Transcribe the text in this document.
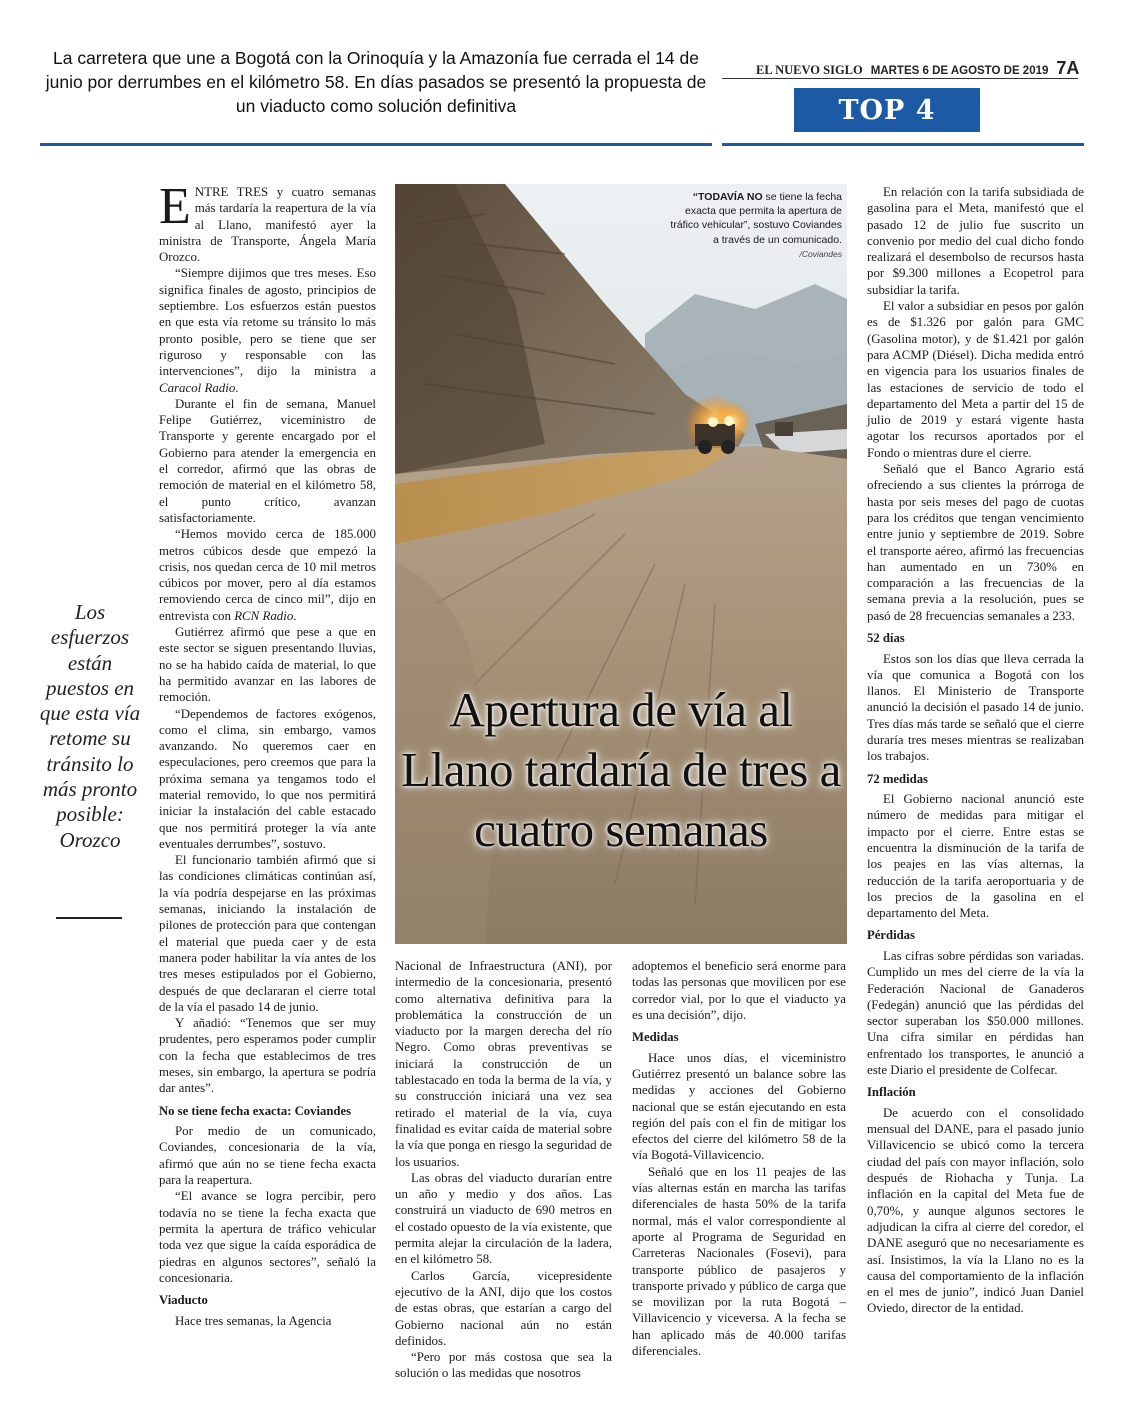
La carretera que une a Bogotá con la Orinoquía y la Amazonía fue cerrada el 14 de junio por derrumbes en el kilómetro 58. En días pasados se presentó la propuesta de un viaducto como solución definitiva
EL NUEVO SIGLO MARTES 6 DE AGOSTO DE 2019 7A
TOP 4
Los esfuerzos están puestos en que esta vía retome su tránsito lo más pronto posible: Orozco

ENTRE TRES y cuatro semanas más tardaría la reapertura de la vía al Llano, manifestó ayer la ministra de Transporte, Ángela María Orozco.

“Siempre dijimos que tres meses. Eso significa finales de agosto, principios de septiembre. Los esfuerzos están puestos en que esta vía retome su tránsito lo más pronto posible, pero se tiene que ser riguroso y responsable con las intervenciones”, dijo la ministra a Caracol Radio.

Durante el fin de semana, Manuel Felipe Gutiérrez, viceministro de Transporte y gerente encargado por el Gobierno para atender la emergencia en el corredor, afirmó que las obras de remoción de material en el kilómetro 58, el punto crítico, avanzan satisfactoriamente.

“Hemos movido cerca de 185.000 metros cúbicos desde que empezó la crisis, nos quedan cerca de 10 mil metros cúbicos por mover, pero al día estamos removiendo cerca de cinco mil”, dijo en entrevista con RCN Radio.

Gutiérrez afirmó que pese a que en este sector se siguen presentando lluvias, no se ha habido caída de material, lo que ha permitido avanzar en las labores de remoción.

“Dependemos de factores exógenos, como el clima, sin embargo, vamos avanzando. No queremos caer en especulaciones, pero creemos que para la próxima semana ya tengamos todo el material removido, lo que nos permitirá iniciar la instalación del cable estacado que nos permitirá proteger la vía ante eventuales derrumbes”, sostuvo.

El funcionario también afirmó que si las condiciones climáticas continúan así, la vía podría despejarse en las próximas semanas, iniciando la instalación de pilones de protección para que contengan el material que pueda caer y de esta manera poder habilitar la vía antes de los tres meses estipulados por el Gobierno, después de que declararan el cierre total de la vía el pasado 14 de junio.

Y añadió: “Tenemos que ser muy prudentes, pero esperamos poder cumplir con la fecha que establecimos de tres meses, sin embargo, la apertura se podría dar antes”.

No se tiene fecha exacta: Coviandes

Por medio de un comunicado, Coviandes, concesionaria de la vía, afirmó que aún no se tiene fecha exacta para la reapertura.

“El avance se logra percibir, pero todavía no se tiene la fecha exacta que permita la apertura de tráfico vehicular toda vez que sigue la caída esporádica de piedras en algunos sectores”, señaló la concesionaria.

Viaducto

Hace tres semanas, la Agencia

“TODAVÍA NO se tiene la fecha exacta que permita la apertura de tráfico vehicular”, sostuvo Coviandes a través de un comunicado. /Coviandes
Apertura de vía al Llano tardaría de tres a cuatro semanas

Nacional de Infraestructura (ANI), por intermedio de la concesionaria, presentó como alternativa definitiva para la problemática la construcción de un viaducto por la margen derecha del río Negro. Como obras preventivas se iniciará la construcción de un tablestacado en toda la berma de la vía, y su construcción iniciará una vez sea retirado el material de la vía, cuya finalidad es evitar caída de material sobre la vía que ponga en riesgo la seguridad de los usuarios.

Las obras del viaducto durarían entre un año y medio y dos años. Las construirá un viaducto de 690 metros en el costado opuesto de la vía existente, que permita alejar la circulación de la ladera, en el kilómetro 58.

Carlos García, vicepresidente ejecutivo de la ANI, dijo que los costos de estas obras, que estarían a cargo del Gobierno nacional aún no están definidos.

“Pero por más costosa que sea la solución o las medidas que nosotros

adoptemos el beneficio será enorme para todas las personas que movilicen por ese corredor vial, por lo que el viaducto ya es una decisión”, dijo.

Medidas

Hace unos días, el viceministro Gutiérrez presentó un balance sobre las medidas y acciones del Gobierno nacional que se están ejecutando en esta región del país con el fin de mitigar los efectos del cierre del kilómetro 58 de la vía Bogotá-Villavicencio.

Señaló que en los 11 peajes de las vías alternas están en marcha las tarifas diferenciales de hasta 50% de la tarifa normal, más el valor correspondiente al aporte al Programa de Seguridad en Carreteras Nacionales (Fosevi), para transporte público de pasajeros y transporte privado y público de carga que se movilizan por la ruta Bogotá – Villavicencio y viceversa. A la fecha se han aplicado más de 40.000 tarifas diferenciales.

En relación con la tarifa subsidiada de gasolina para el Meta, manifestó que el pasado 12 de julio fue suscrito un convenio por medio del cual dicho fondo realizará el desembolso de recursos hasta por $9.300 millones a Ecopetrol para subsidiar la tarifa.

El valor a subsidiar en pesos por galón es de $1.326 por galón para GMC (Gasolina motor), y de $1.421 por galón para ACMP (Diésel). Dicha medida entró en vigencia para los usuarios finales de las estaciones de servicio de todo el departamento del Meta a partir del 15 de julio de 2019 y estará vigente hasta agotar los recursos aportados por el Fondo o mientras dure el cierre.

Señaló que el Banco Agrario está ofreciendo a sus clientes la prórroga de hasta por seis meses del pago de cuotas para los créditos que tengan vencimiento entre junio y septiembre de 2019. Sobre el transporte aéreo, afirmó las frecuencias han aumentado en un 730% en comparación a las frecuencias de la semana previa a la resolución, pues se pasó de 28 frecuencias semanales a 233.

52 días

Estos son los días que lleva cerrada la vía que comunica a Bogotá con los llanos. El Ministerio de Transporte anunció la decisión el pasado 14 de junio. Tres días más tarde se señaló que el cierre duraría tres meses mientras se realizaban los trabajos.

72 medidas

El Gobierno nacional anunció este número de medidas para mitigar el impacto por el cierre. Entre estas se encuentra la disminución de la tarifa de los peajes en las vías alternas, la reducción de la tarifa aeroportuaria y de los precios de la gasolina en el departamento del Meta.

Pérdidas

Las cifras sobre pérdidas son variadas. Cumplido un mes del cierre de la vía la Federación Nacional de Ganaderos (Fedegán) anunció que las pérdidas del sector superaban los $50.000 millones. Una cifra similar en pérdidas han enfrentado los transportes, le anunció a este Diario el presidente de Colfecar.

Inflación

De acuerdo con el consolidado mensual del DANE, para el pasado junio Villavicencio se ubicó como la tercera ciudad del país con mayor inflación, solo después de Riohacha y Tunja. La inflación en la capital del Meta fue de 0,70%, y aunque algunos sectores le adjudican la cifra al cierre del coredor, el DANE aseguró que no necesariamente es así. Insistimos, la vía la Llano no es la causa del comportamiento de la inflación en el mes de junio”, indicó Juan Daniel Oviedo, director de la entidad.
